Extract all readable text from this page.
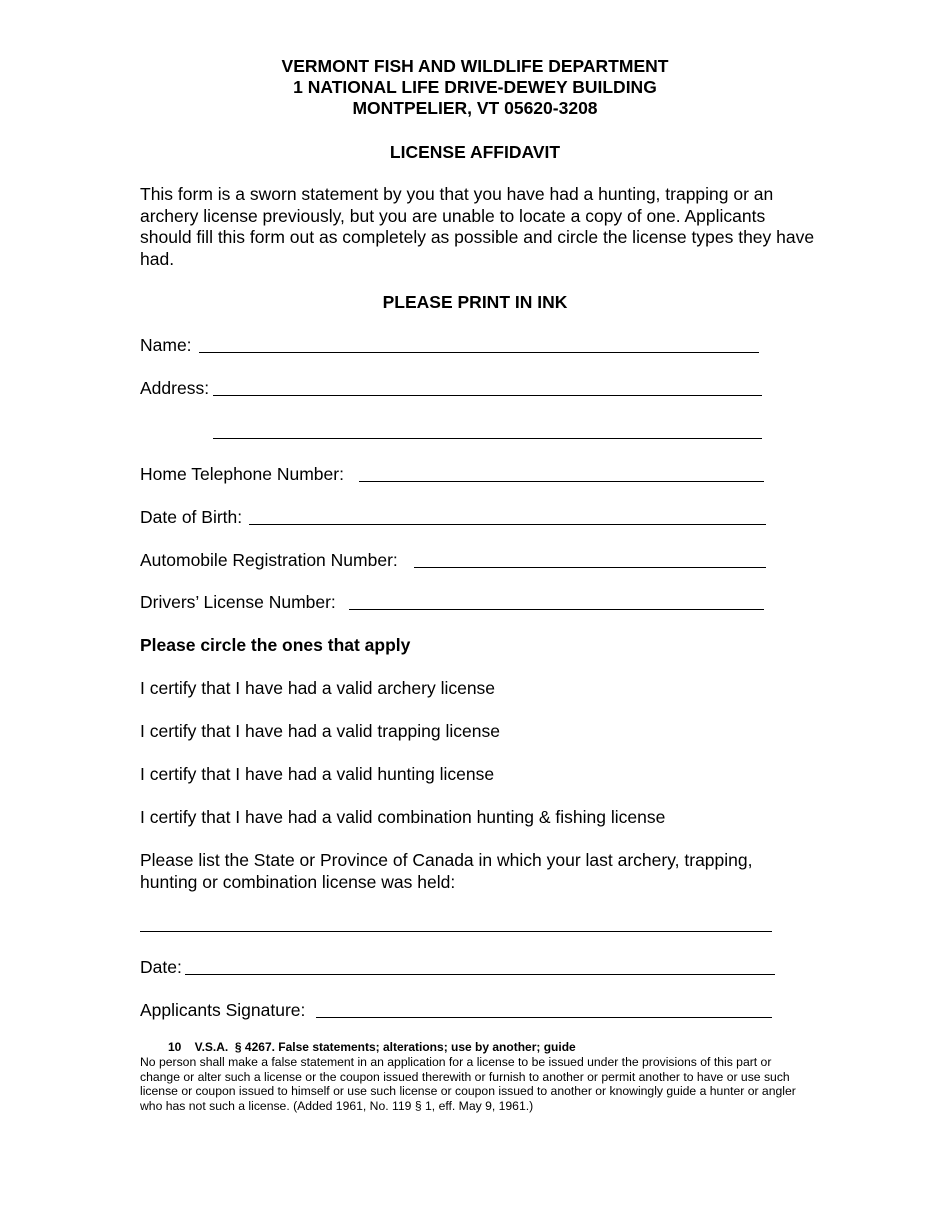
VERMONT FISH AND WILDLIFE DEPARTMENT
1 NATIONAL LIFE DRIVE-DEWEY BUILDING
MONTPELIER, VT 05620-3208
LICENSE AFFIDAVIT
This form is a sworn statement by you that you have had a hunting, trapping or an archery license previously, but you are unable to locate a copy of one. Applicants should fill this form out as completely as possible and circle the license types they have had.
PLEASE PRINT IN INK
Name:
Address:
Home Telephone Number:
Date of Birth:
Automobile Registration Number:
Drivers’ License Number:
Please circle the ones that apply
I certify that I have had a valid archery license
I certify that I have had a valid trapping license
I certify that I have had a valid hunting license
I certify that I have had a valid combination hunting & fishing license
Please list the State or Province of Canada in which your last archery, trapping, hunting or combination license was held:
Date:
Applicants Signature:
10    V.S.A.  § 4267. False statements; alterations; use by another; guide
No person shall make a false statement in an application for a license to be issued under the provisions of this part or change or alter such a license or the coupon issued therewith or furnish to another or permit another to have or use such license or coupon issued to himself or use such license or coupon issued to another or knowingly guide a hunter or angler who has not such a license. (Added 1961, No. 119 § 1, eff. May 9, 1961.)
